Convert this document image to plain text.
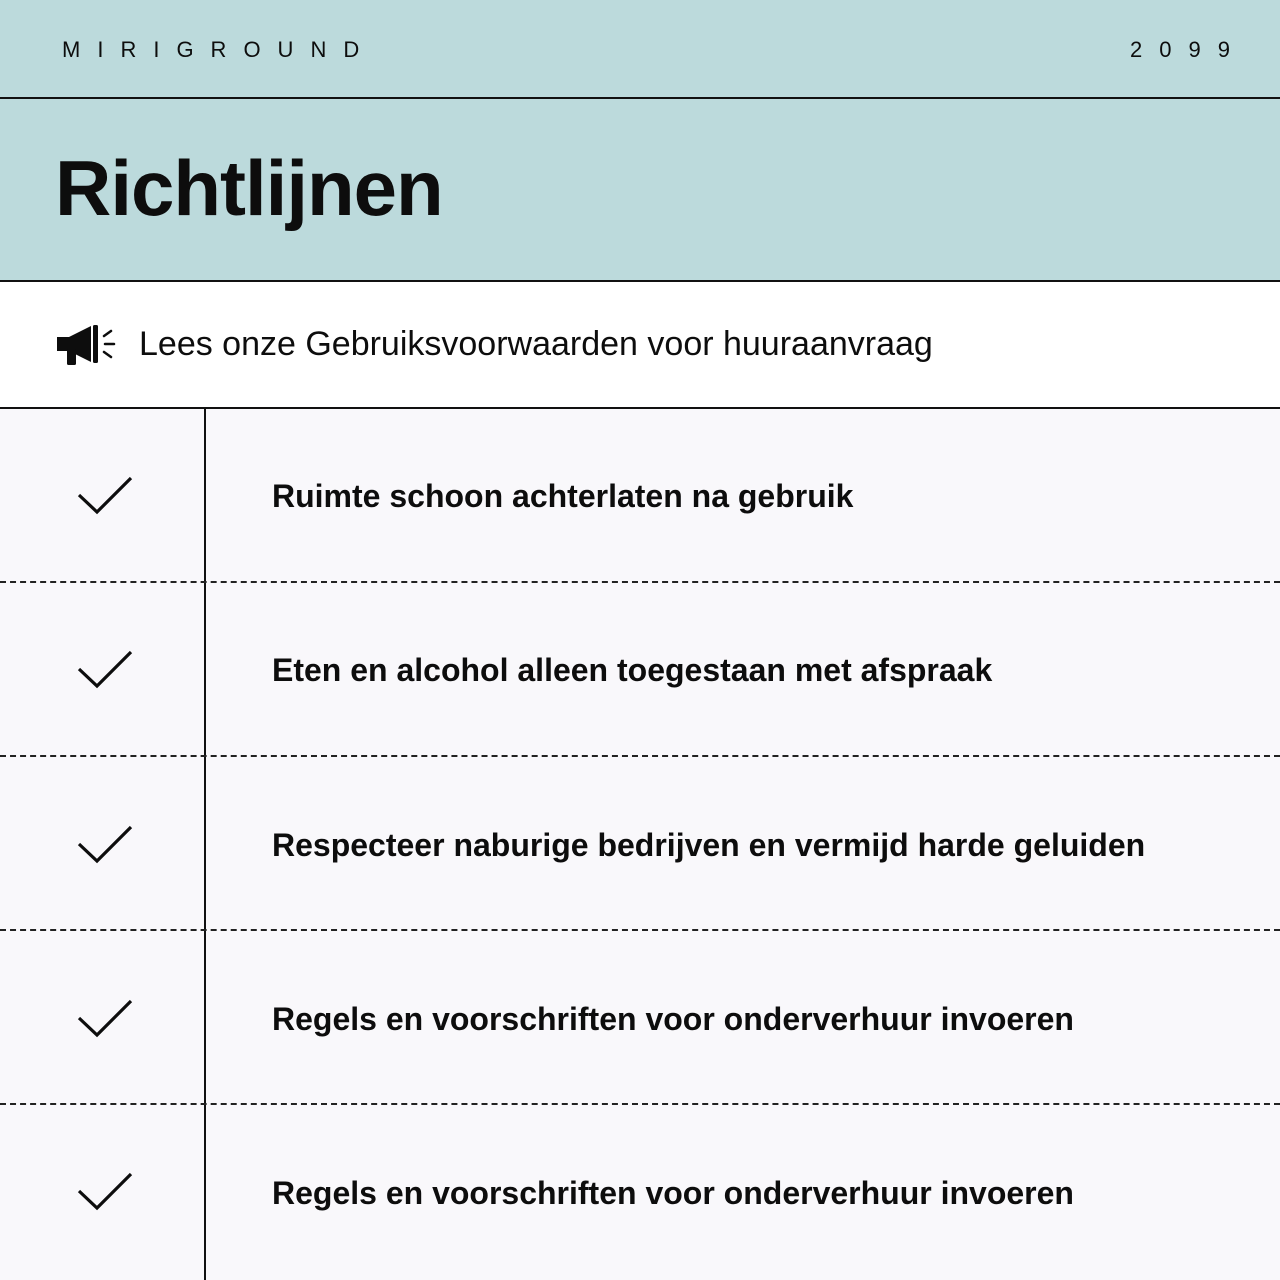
MIRIGROUND	2099
Richtlijnen
Lees onze Gebruiksvoorwaarden voor huuraanvraag
Ruimte schoon achterlaten na gebruik
Eten en alcohol alleen toegestaan met afspraak
Respecteer naburige bedrijven en vermijd harde geluiden
Regels en voorschriften voor onderverhuur invoeren
Regels en voorschriften voor onderverhuur invoeren
